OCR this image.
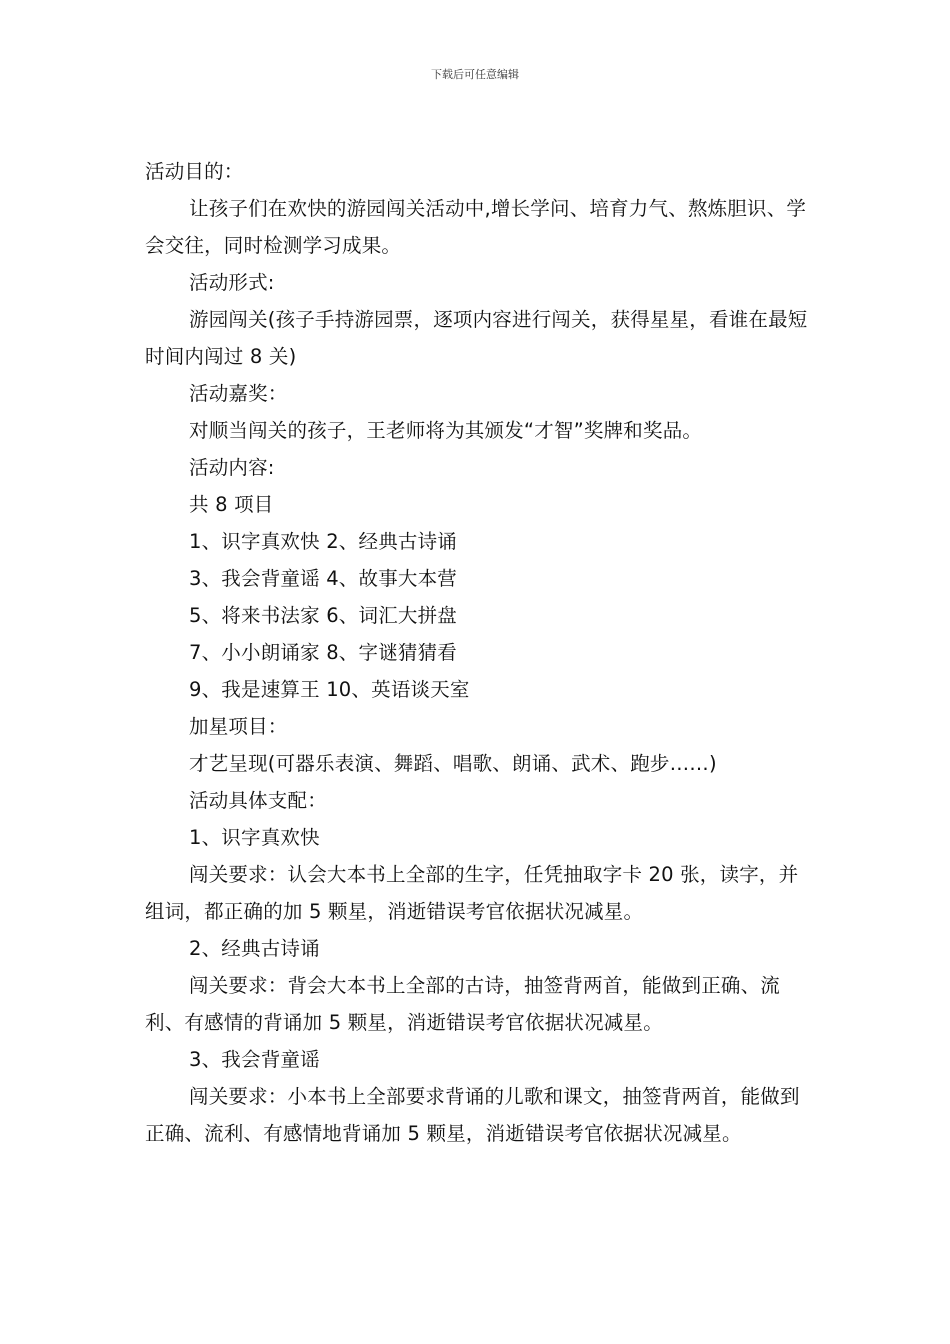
下载后可任意编辑

活动目的：

让孩子们在欢快的游园闯关活动中,增长学问、培育力气、熬炼胆识、学会交往，同时检测学习成果。

活动形式:

游园闯关(孩子手持游园票，逐项内容进行闯关，获得星星，看谁在最短时间内闯过 8 关)

活动嘉奖：

对顺当闯关的孩子，王老师将为其颁发“才智”奖牌和奖品。

活动内容:

共 8 项目

1、识字真欢快 2、经典古诗诵

3、我会背童谣 4、故事大本营

5、将来书法家 6、词汇大拼盘

7、小小朗诵家 8、字谜猜猜看

9、我是速算王 10、英语谈天室

加星项目：

才艺呈现(可器乐表演、舞蹈、唱歌、朗诵、武术、跑步……)

活动具体支配：

1、识字真欢快

闯关要求：认会大本书上全部的生字，任凭抽取字卡 20 张，读字，并组词，都正确的加 5 颗星，消逝错误考官依据状况减星。

2、经典古诗诵

闯关要求：背会大本书上全部的古诗，抽签背两首，能做到正确、流利、有感情的背诵加 5 颗星，消逝错误考官依据状况减星。

3、我会背童谣

闯关要求：小本书上全部要求背诵的儿歌和课文，抽签背两首，能做到正确、流利、有感情地背诵加 5 颗星，消逝错误考官依据状况减星。
